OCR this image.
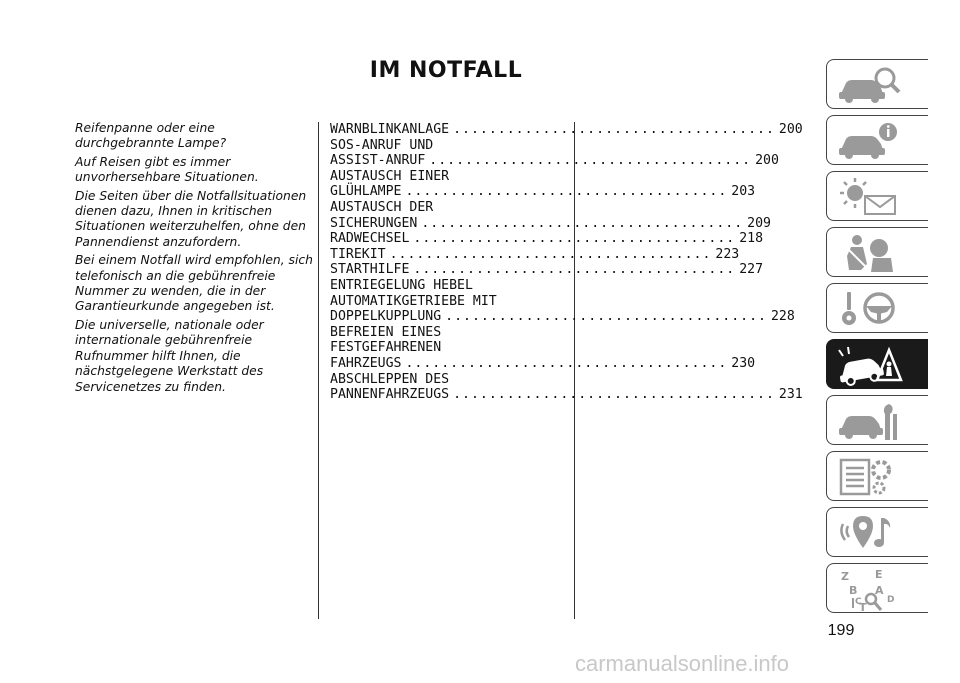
IM NOTFALL

Reifenpanne oder eine durchgebrannte Lampe?

Auf Reisen gibt es immer unvorhersehbare Situationen.

Die Seiten über die Notfallsituationen dienen dazu, Ihnen in kritischen Situationen weiterzuhelfen, ohne den Pannendienst anzufordern.

Bei einem Notfall wird empfohlen, sich telefonisch an die gebührenfreie Nummer zu wenden, die in der Garantieurkunde angegeben ist.

Die universelle, nationale oder internationale gebührenfreie Rufnummer hilft Ihnen, die nächstgelegene Werkstatt des Servicenetzes zu finden.

WARNBLINKANLAGE .................................... 200
SOS-ANRUF UND
ASSIST-ANRUF .................................... 200
AUSTAUSCH EINER
GLÜHLAMPE .................................... 203
AUSTAUSCH DER
SICHERUNGEN .................................... 209
RADWECHSEL .................................... 218
TIREKIT .................................... 223
STARTHILFE .................................... 227
ENTRIEGELUNG HEBEL
AUTOMATIKGETRIEBE MIT
DOPPELKUPPLUNG .................................... 228
BEFREIEN EINES
FESTGEFAHRENEN
FAHRZEUGS .................................... 230
ABSCHLEPPEN DES
PANNENFAHRZEUGS .................................... 231
Z E
B A
C	D
T
199
carmanualsonline.info
